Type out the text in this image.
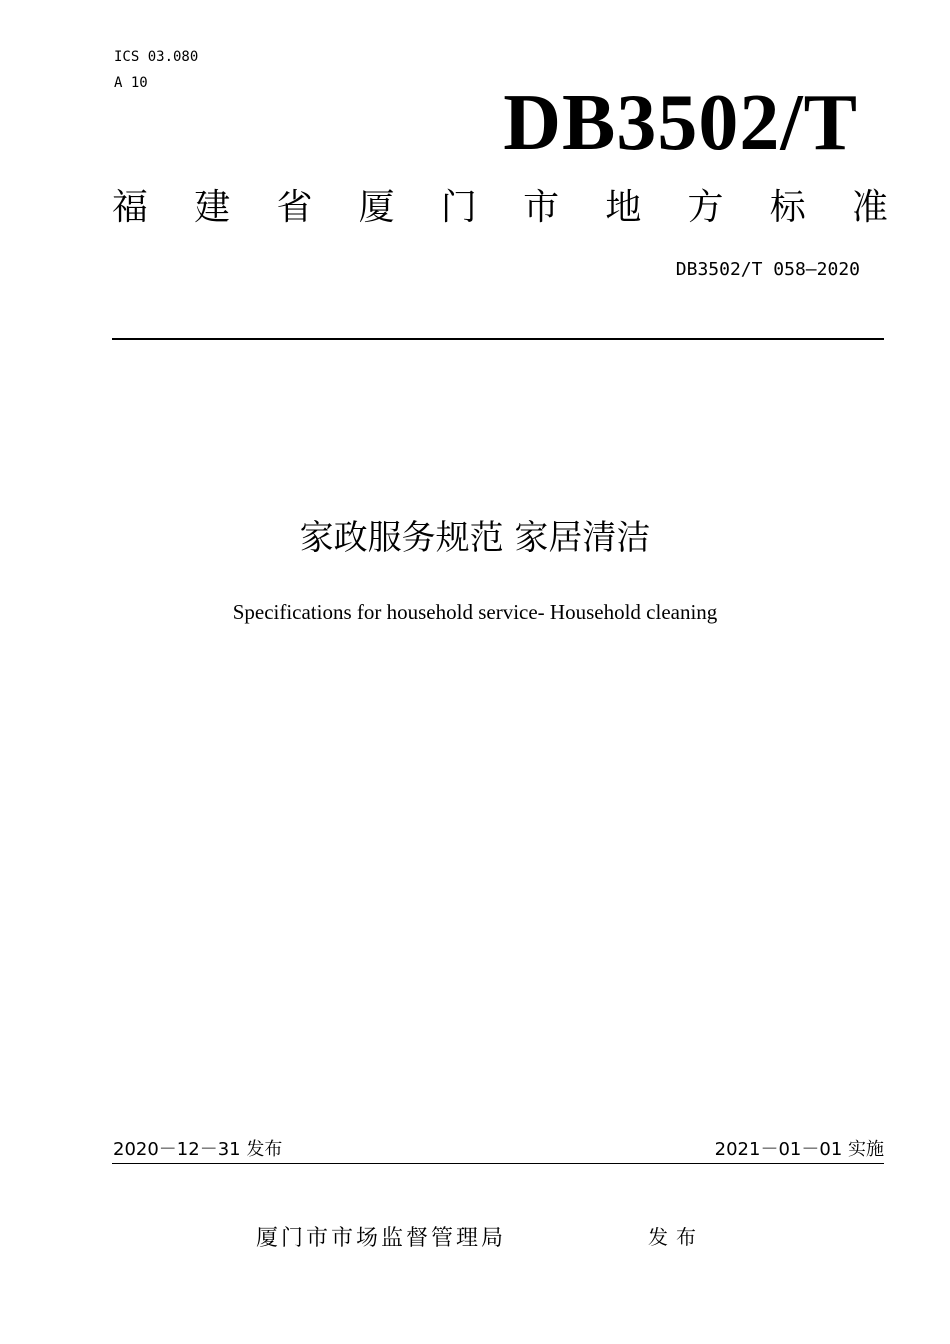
ICS 03.080
A 10	DB3502/T
福 建 省 厦 门 市 地 方 标 准
DB3502/T 058—2020
家政服务规范 家居清洁
Specifications for household service- Household cleaning
2020－12－31 发布	2021－01－01 实施
厦门市市场监督管理局	发布
